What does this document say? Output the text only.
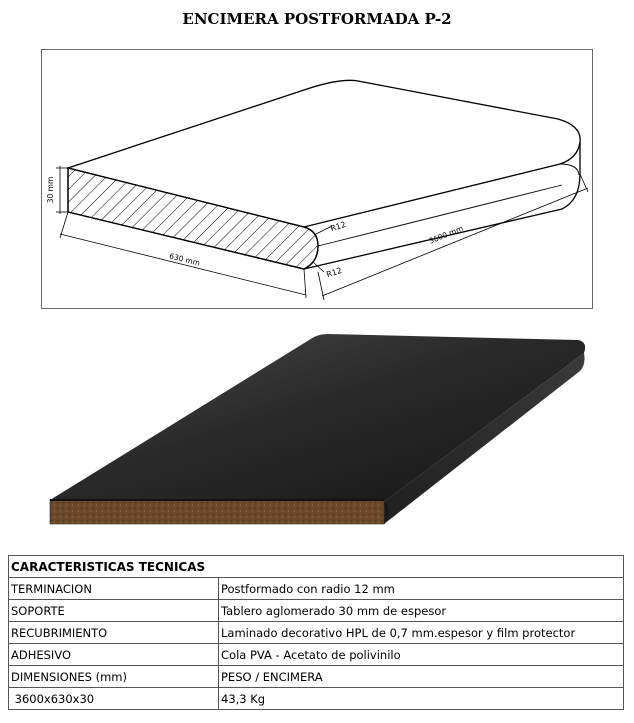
ENCIMERA POSTFORMADA P-2
30 mm
630 mm
3600 mm
R12
R12
CARACTERISTICAS TECNICAS	
TERMINACION	Postformado con radio 12 mm
SOPORTE	Tablero aglomerado 30 mm de espesor
RECUBRIMIENTO	Laminado decorativo HPL de 0,7 mm.espesor y film protector
ADHESIVO	Cola PVA - Acetato de polivinilo
DIMENSIONES (mm)	PESO / ENCIMERA
3600x630x30	43,3 Kg
